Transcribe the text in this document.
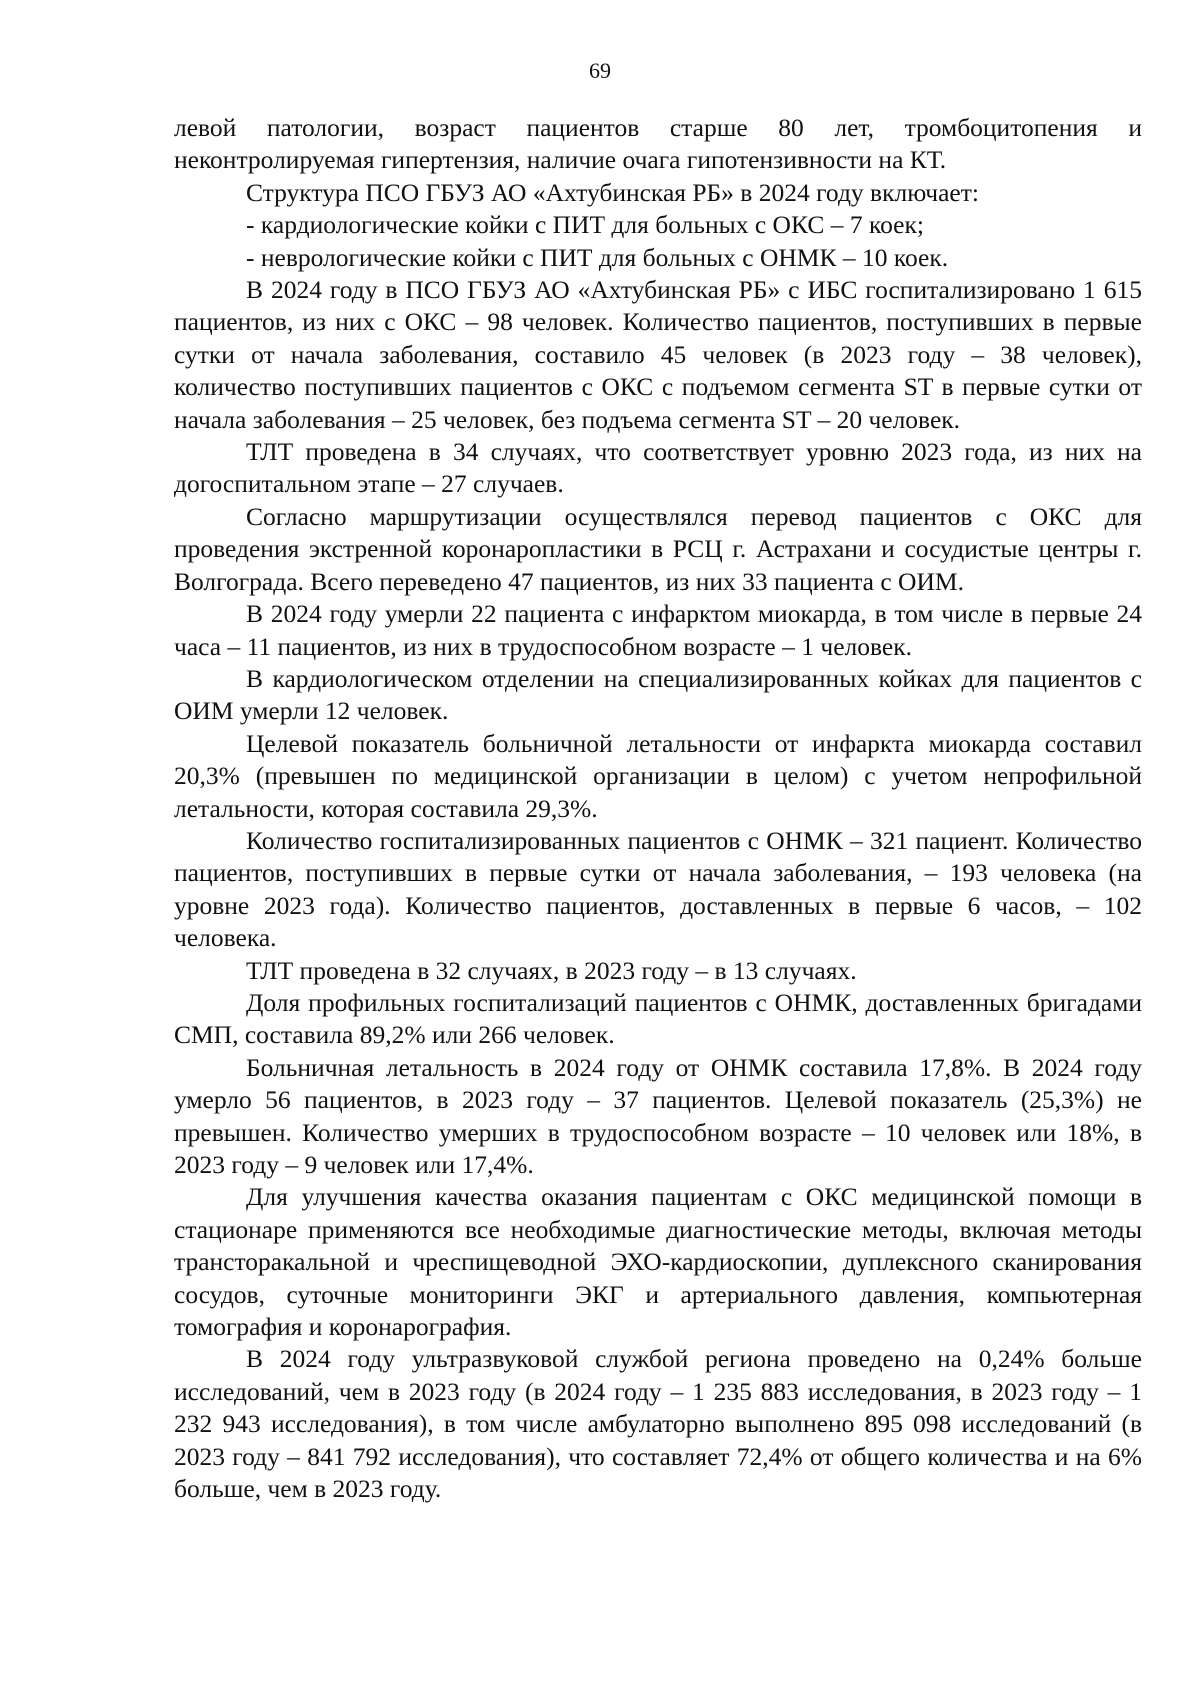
69

левой патологии, возраст пациентов старше 80 лет, тромбоцитопения и неконтролируемая гипертензия, наличие очага гипотензивности на КТ.

Структура ПСО ГБУЗ АО «Ахтубинская РБ» в 2024 году включает:

- кардиологические койки с ПИТ для больных с ОКС – 7 коек;

- неврологические койки с ПИТ для больных с ОНМК – 10 коек.

В 2024 году в ПСО ГБУЗ АО «Ахтубинская РБ» с ИБС госпитализировано 1 615 пациентов, из них с ОКС – 98 человек. Количество пациентов, поступивших в первые сутки от начала заболевания, составило 45 человек (в 2023 году – 38 человек), количество поступивших пациентов с ОКС с подъемом сегмента ST в первые сутки от начала заболевания – 25 человек, без подъема сегмента ST – 20 человек.

ТЛТ проведена в 34 случаях, что соответствует уровню 2023 года, из них на догоспитальном этапе – 27 случаев.

Согласно маршрутизации осуществлялся перевод пациентов с ОКС для проведения экстренной коронаропластики в РСЦ г. Астрахани и сосудистые центры г. Волгограда. Всего переведено 47 пациентов, из них 33 пациента с ОИМ.

В 2024 году умерли 22 пациента с инфарктом миокарда, в том числе в первые 24 часа – 11 пациентов, из них в трудоспособном возрасте – 1 человек.

В кардиологическом отделении на специализированных койках для пациентов с ОИМ умерли 12 человек.

Целевой показатель больничной летальности от инфаркта миокарда составил 20,3% (превышен по медицинской организации в целом) с учетом непрофильной летальности, которая составила 29,3%.

Количество госпитализированных пациентов с ОНМК – 321 пациент. Количество пациентов, поступивших в первые сутки от начала заболевания, – 193 человека (на уровне 2023 года). Количество пациентов, доставленных в первые 6 часов, – 102 человека.

ТЛТ проведена в 32 случаях, в 2023 году – в 13 случаях.

Доля профильных госпитализаций пациентов с ОНМК, доставленных бригадами СМП, составила 89,2% или 266 человек.

Больничная летальность в 2024 году от ОНМК составила 17,8%. В 2024 году умерло 56 пациентов, в 2023 году – 37 пациентов. Целевой показатель (25,3%) не превышен. Количество умерших в трудоспособном возрасте – 10 человек или 18%, в 2023 году – 9 человек или 17,4%.

Для улучшения качества оказания пациентам с ОКС медицинской помощи в стационаре применяются все необходимые диагностические методы, включая методы трансторакальной и чреспищеводной ЭХО-кардиоскопии, дуплексного сканирования сосудов, суточные мониторинги ЭКГ и артериального давления, компьютерная томография и коронарография.

В 2024 году ультразвуковой службой региона проведено на 0,24% больше исследований, чем в 2023 году (в 2024 году – 1 235 883 исследования, в 2023 году – 1 232 943 исследования), в том числе амбулаторно выполнено 895 098 исследований (в 2023 году – 841 792 исследования), что составляет 72,4% от общего количества и на 6% больше, чем в 2023 году.
